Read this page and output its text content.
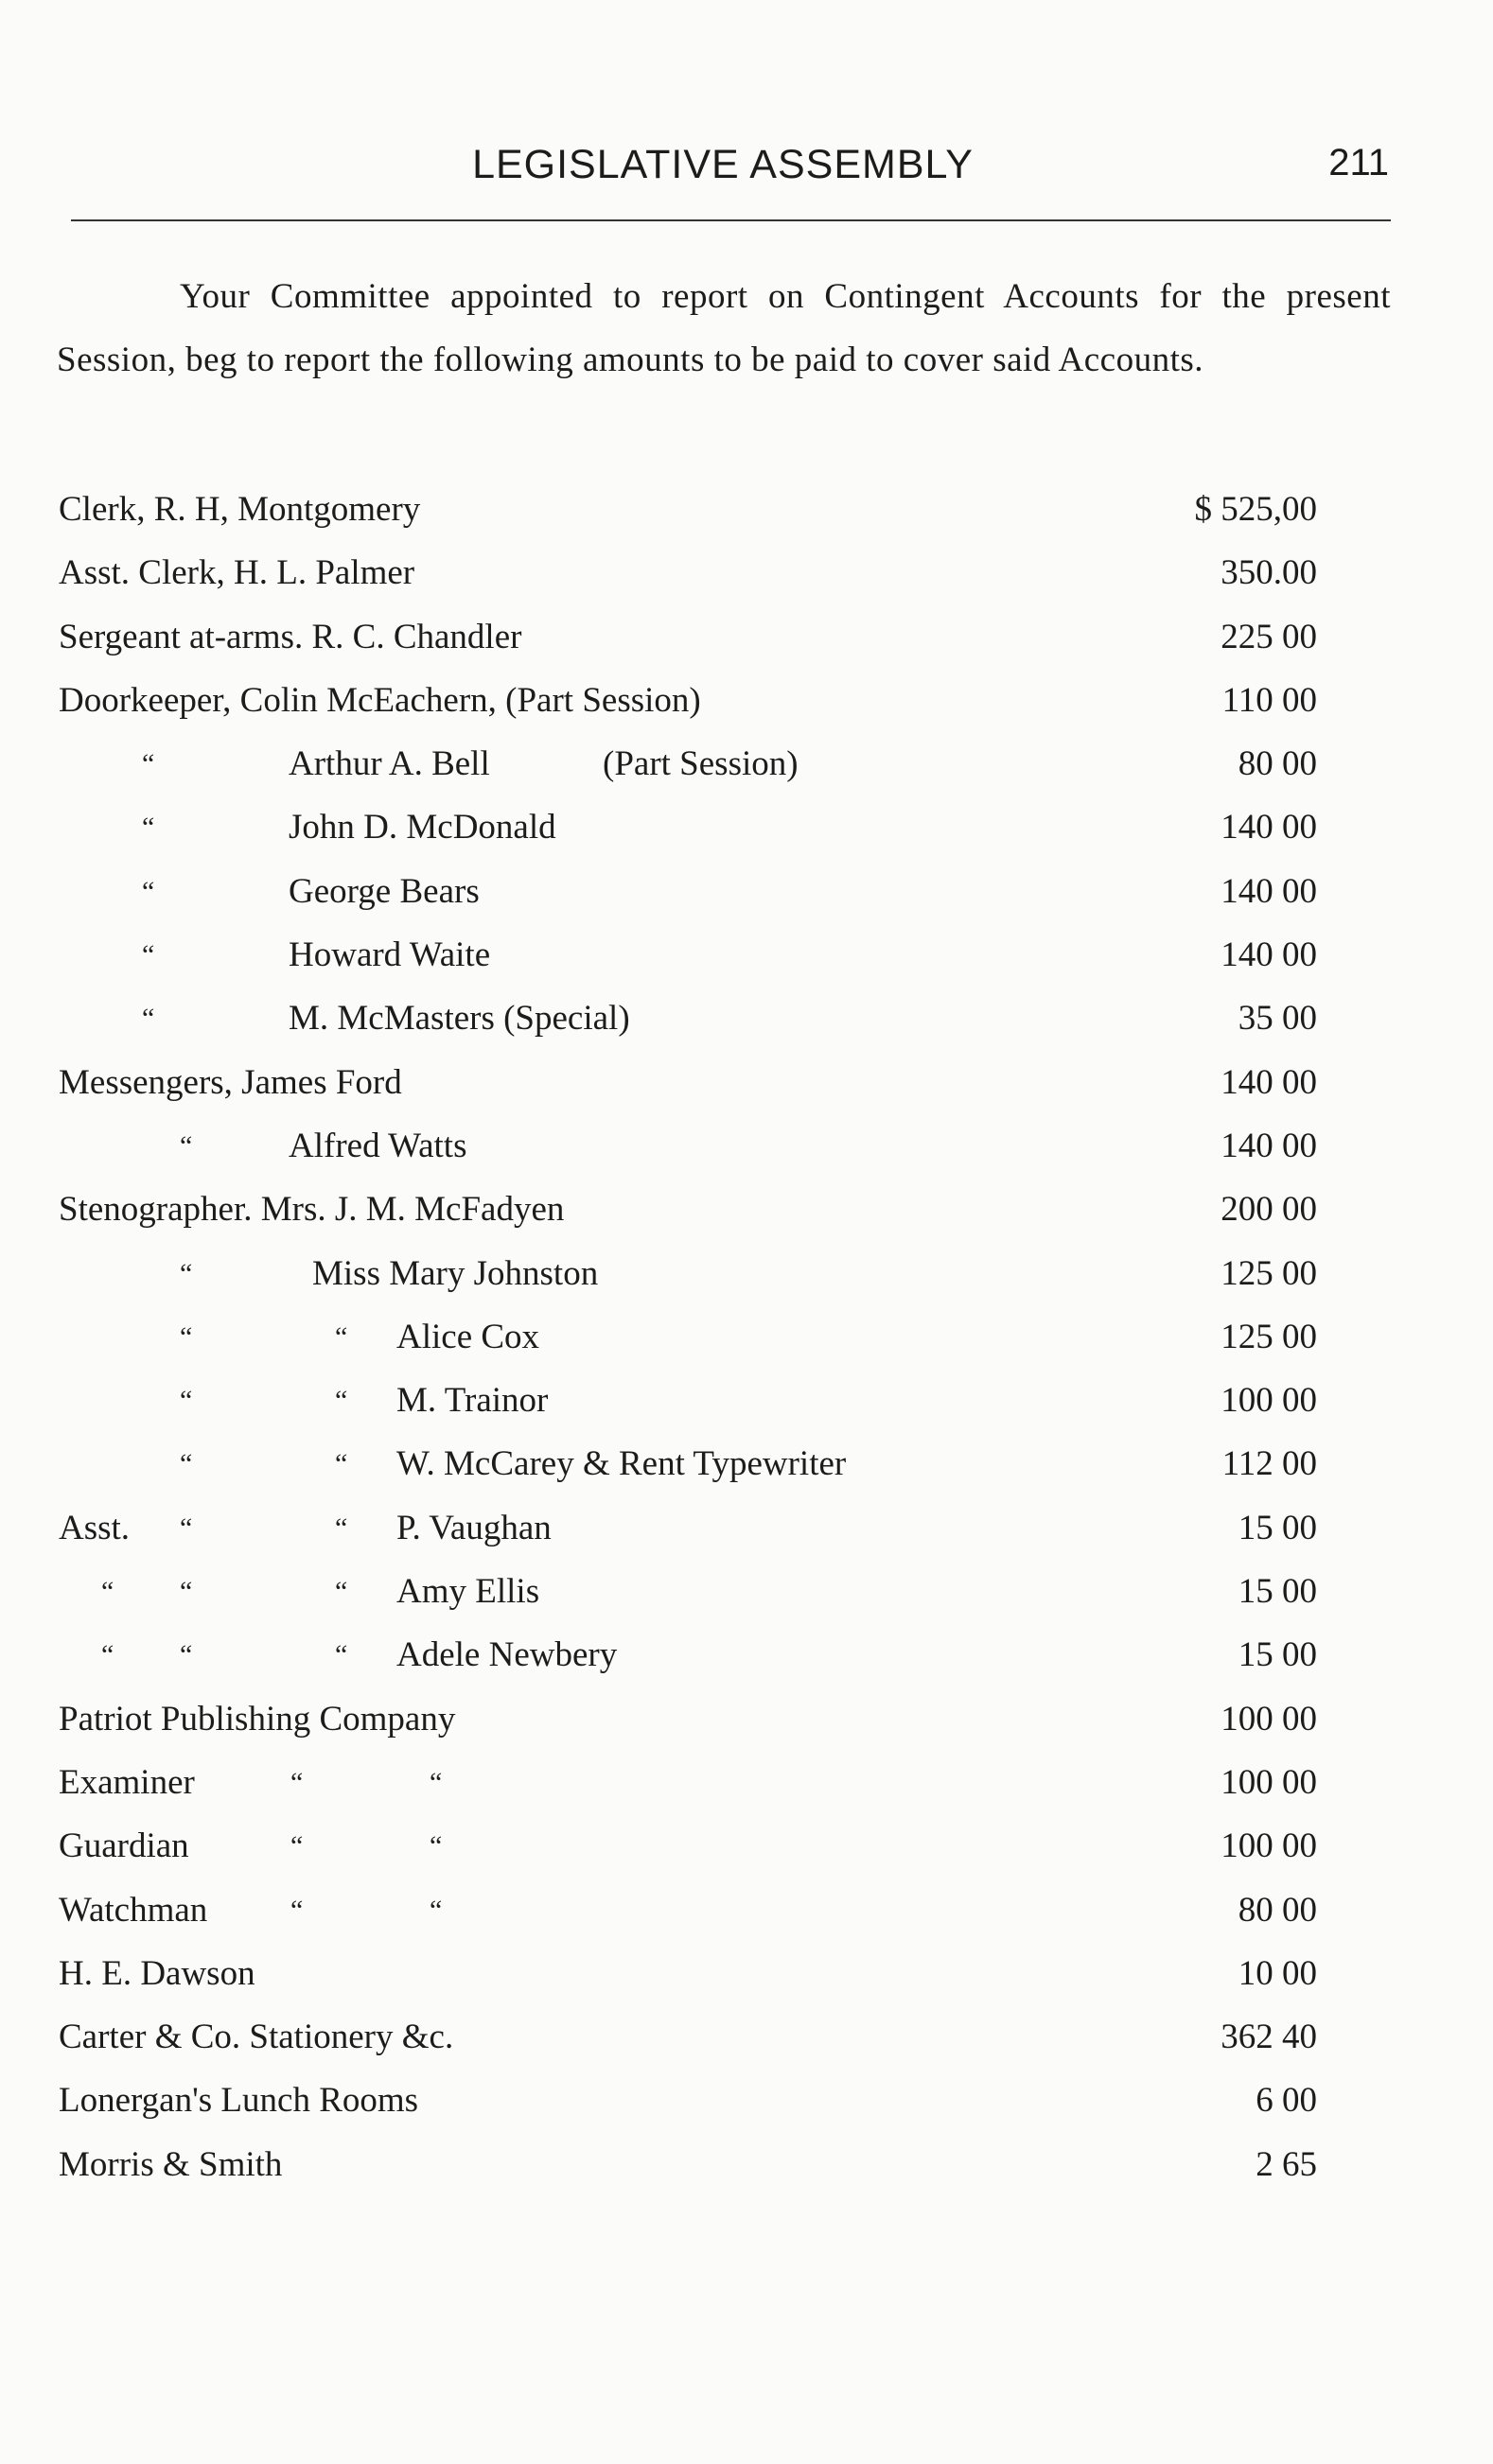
LEGISLATIVE ASSEMBLY	211

Your Committee appointed to report on Contingent Accounts for the present Session, beg to report the following amounts to be paid to cover said Accounts.

Clerk, R. H, Montgomery	$ 525,00
Asst. Clerk, H. L. Palmer	350.00
Sergeant at-arms. R. C. Chandler	225 00
Doorkeeper, Colin McEachern, (Part Session)	110 00
“	Arthur A. Bell	(Part Session)	80 00
“	John D. McDonald	140 00
“	George Bears	140 00
“	Howard Waite	140 00
“	M. McMasters (Special)	35 00
Messengers, James Ford	140 00
“	Alfred Watts	140 00
Stenographer. Mrs. J. M. McFadyen	200 00
“	Miss Mary Johnston	125 00
“	“ Alice Cox	125 00
“	“ M. Trainor	100 00
“	“ W. McCarey & Rent Typewriter	112 00
Asst. “	“ P. Vaughan	15 00
“ “	“ Amy Ellis	15 00
“ “	“ Adele Newbery	15 00
Patriot Publishing Company	100 00
Examiner	“	“	100 00
Guardian	“	“	100 00
Watchman	“	“	80 00
H. E. Dawson	10 00
Carter & Co. Stationery &c.	362 40
Lonergan's Lunch Rooms	6 00
Morris & Smith	2 65
